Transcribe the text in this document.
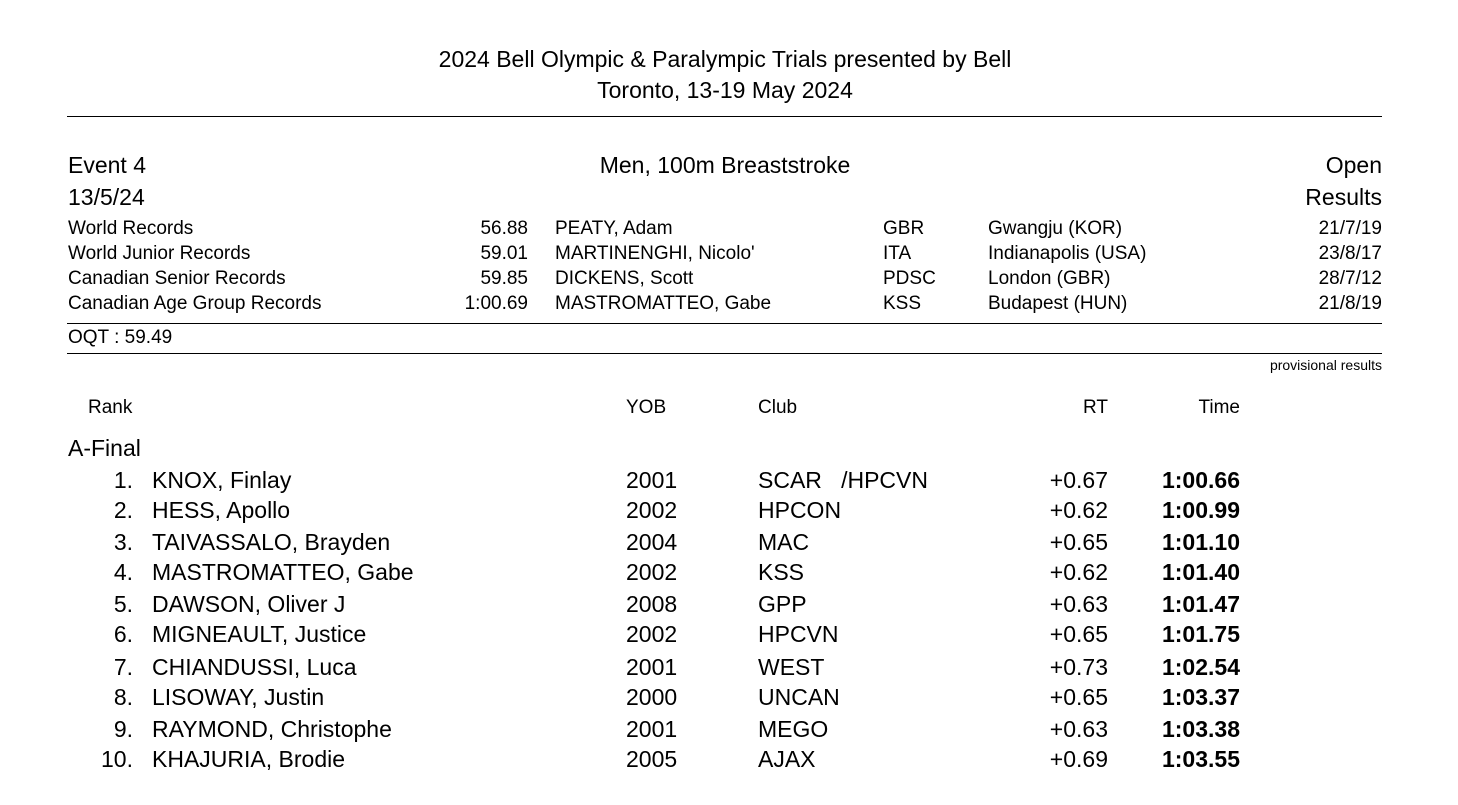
2024 Bell Olympic & Paralympic Trials presented by Bell
Toronto, 13-19 May 2024
Event 4	Men, 100m Breaststroke	Open
13/5/24	Results
World Records	56.88 PEATY, Adam	GBR	Gwangju (KOR)	21/7/19
World Junior Records	59.01 MARTINENGHI, Nicolo'	ITA	Indianapolis (USA)	23/8/17
Canadian Senior Records	59.85 DICKENS, Scott	PDSC	London (GBR)	28/7/12
Canadian Age Group Records	1:00.69 MASTROMATTEO, Gabe	KSS	Budapest (HUN)	21/8/19
OQT : 59.49
provisional results
Rank	YOB	Club	RT	Time
A-Final
1. KNOX, Finlay	2001	SCAR   /HPCVN	+0.67 1:00.66
2. HESS, Apollo	2002	HPCON	+0.62 1:00.99
3. TAIVASSALO, Brayden	2004	MAC	+0.65 1:01.10
4. MASTROMATTEO, Gabe	2002	KSS	+0.62 1:01.40
5. DAWSON, Oliver J	2008	GPP	+0.63 1:01.47
6. MIGNEAULT, Justice	2002	HPCVN	+0.65 1:01.75
7. CHIANDUSSI, Luca	2001	WEST	+0.73 1:02.54
8. LISOWAY, Justin	2000	UNCAN	+0.65 1:03.37
9. RAYMOND, Christophe	2001	MEGO	+0.63 1:03.38
10. KHAJURIA, Brodie	2005	AJAX	+0.69 1:03.55
